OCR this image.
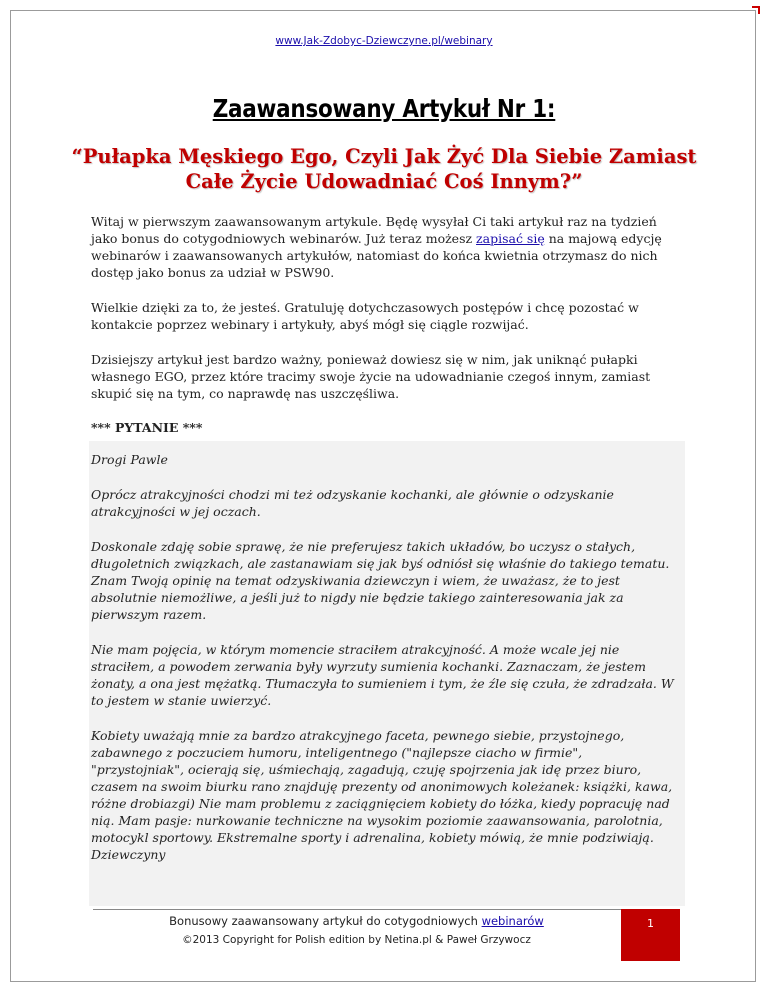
www.Jak-Zdobyc-Dziewczyne.pl/webinary
Zaawansowany Artykuł Nr 1:
“Pułapka Męskiego Ego, Czyli Jak Żyć Dla Siebie Zamiast Całe Życie Udowadniać Coś Innym?”

Witaj w pierwszym zaawansowanym artykule. Będę wysyłał Ci taki artykuł raz na tydzień jako bonus do cotygodniowych webinarów. Już teraz możesz zapisać się na majową edycję webinarów i zaawansowanych artykułów, natomiast do końca kwietnia otrzymasz do nich dostęp jako bonus za udział w PSW90.

Wielkie dzięki za to, że jesteś. Gratuluję dotychczasowych postępów i chcę pozostać w kontakcie poprzez webinary i artykuły, abyś mógł się ciągle rozwijać.

Dzisiejszy artykuł jest bardzo ważny, ponieważ dowiesz się w nim, jak uniknąć pułapki własnego EGO, przez które tracimy swoje życie na udowadnianie czegoś innym, zamiast skupić się na tym, co naprawdę nas uszczęśliwa.

*** PYTANIE ***

Drogi Pawle

Oprócz atrakcyjności chodzi mi też odzyskanie kochanki, ale głównie o odzyskanie atrakcyjności w jej oczach.

Doskonale zdaję sobie sprawę, że nie preferujesz takich układów, bo uczysz o stałych, długoletnich związkach, ale zastanawiam się jak byś odniósł się właśnie do takiego tematu. Znam Twoją opinię na temat odzyskiwania dziewczyn i wiem, że uważasz, że to jest absolutnie niemożliwe, a jeśli już to nigdy nie będzie takiego zainteresowania jak za pierwszym razem.

Nie mam pojęcia, w którym momencie straciłem atrakcyjność. A może wcale jej nie straciłem, a powodem zerwania były wyrzuty sumienia kochanki. Zaznaczam, że jestem żonaty, a ona jest mężatką. Tłumaczyła to sumieniem i tym, że źle się czuła, że zdradzała. W to jestem w stanie uwierzyć.

Kobiety uważają mnie za bardzo atrakcyjnego faceta, pewnego siebie, przystojnego, zabawnego z poczuciem humoru, inteligentnego ("najlepsze ciacho w firmie", "przystojniak", ocierają się, uśmiechają, zagadują, czuję spojrzenia jak idę przez biuro, czasem na swoim biurku rano znajduję prezenty od anonimowych koleżanek: książki, kawa, różne drobiazgi) Nie mam problemu z zaciągnięciem kobiety do łóżka, kiedy popracuję nad nią. Mam pasje: nurkowanie techniczne na wysokim poziomie zaawansowania, parolotnia, motocykl sportowy. Ekstremalne sporty i adrenalina, kobiety mówią, że mnie podziwiają. Dziewczyny

Bonusowy zaawansowany artykuł do cotygodniowych webinarów
©2013 Copyright for Polish edition by Netina.pl & Paweł Grzywocz
1
